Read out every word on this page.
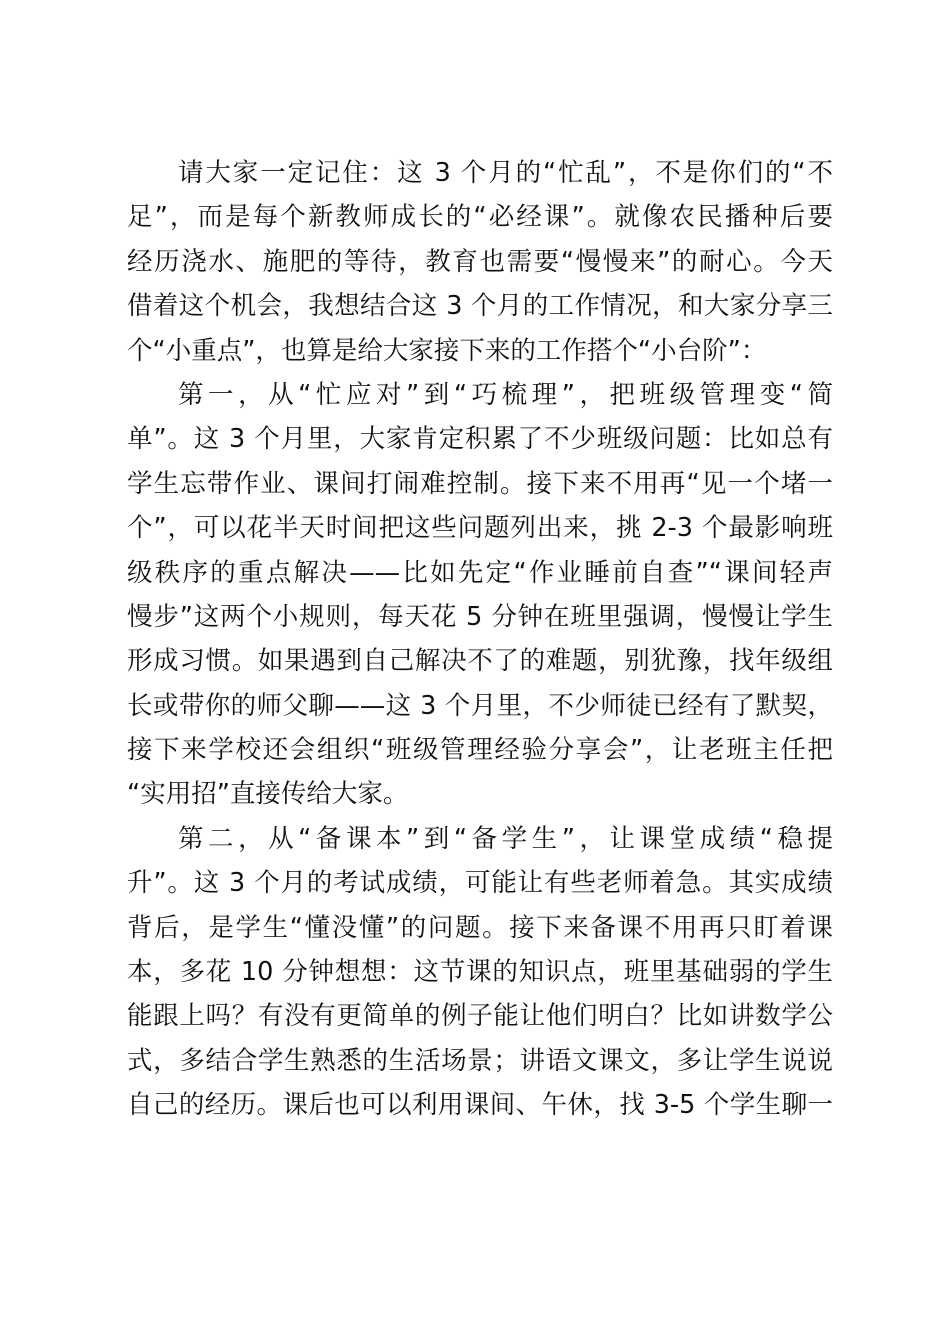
请大家一定记住：这 3 个月的“忙乱”，不是你们的“不
足”，而是每个新教师成长的“必经课”。就像农民播种后要
经历浇水、施肥的等待，教育也需要“慢慢来”的耐心。今天
借着这个机会，我想结合这 3 个月的工作情况，和大家分享三
个“小重点”，也算是给大家接下来的工作搭个“小台阶”：
第一，从“忙应对”到“巧梳理”，把班级管理变“简
单”。这 3 个月里，大家肯定积累了不少班级问题：比如总有
学生忘带作业、课间打闹难控制。接下来不用再“见一个堵一
个”，可以花半天时间把这些问题列出来，挑 2-3 个最影响班
级秩序的重点解决——比如先定“作业睡前自查”“课间轻声
慢步”这两个小规则，每天花 5 分钟在班里强调，慢慢让学生
形成习惯。如果遇到自己解决不了的难题，别犹豫，找年级组
长或带你的师父聊——这 3 个月里，不少师徒已经有了默契，
接下来学校还会组织“班级管理经验分享会”，让老班主任把
“实用招”直接传给大家。
第二，从“备课本”到“备学生”，让课堂成绩“稳提
升”。这 3 个月的考试成绩，可能让有些老师着急。其实成绩
背后，是学生“懂没懂”的问题。接下来备课不用再只盯着课
本，多花 10 分钟想想：这节课的知识点，班里基础弱的学生
能跟上吗？有没有更简单的例子能让他们明白？比如讲数学公
式，多结合学生熟悉的生活场景；讲语文课文，多让学生说说
自己的经历。课后也可以利用课间、午休，找 3-5 个学生聊一
